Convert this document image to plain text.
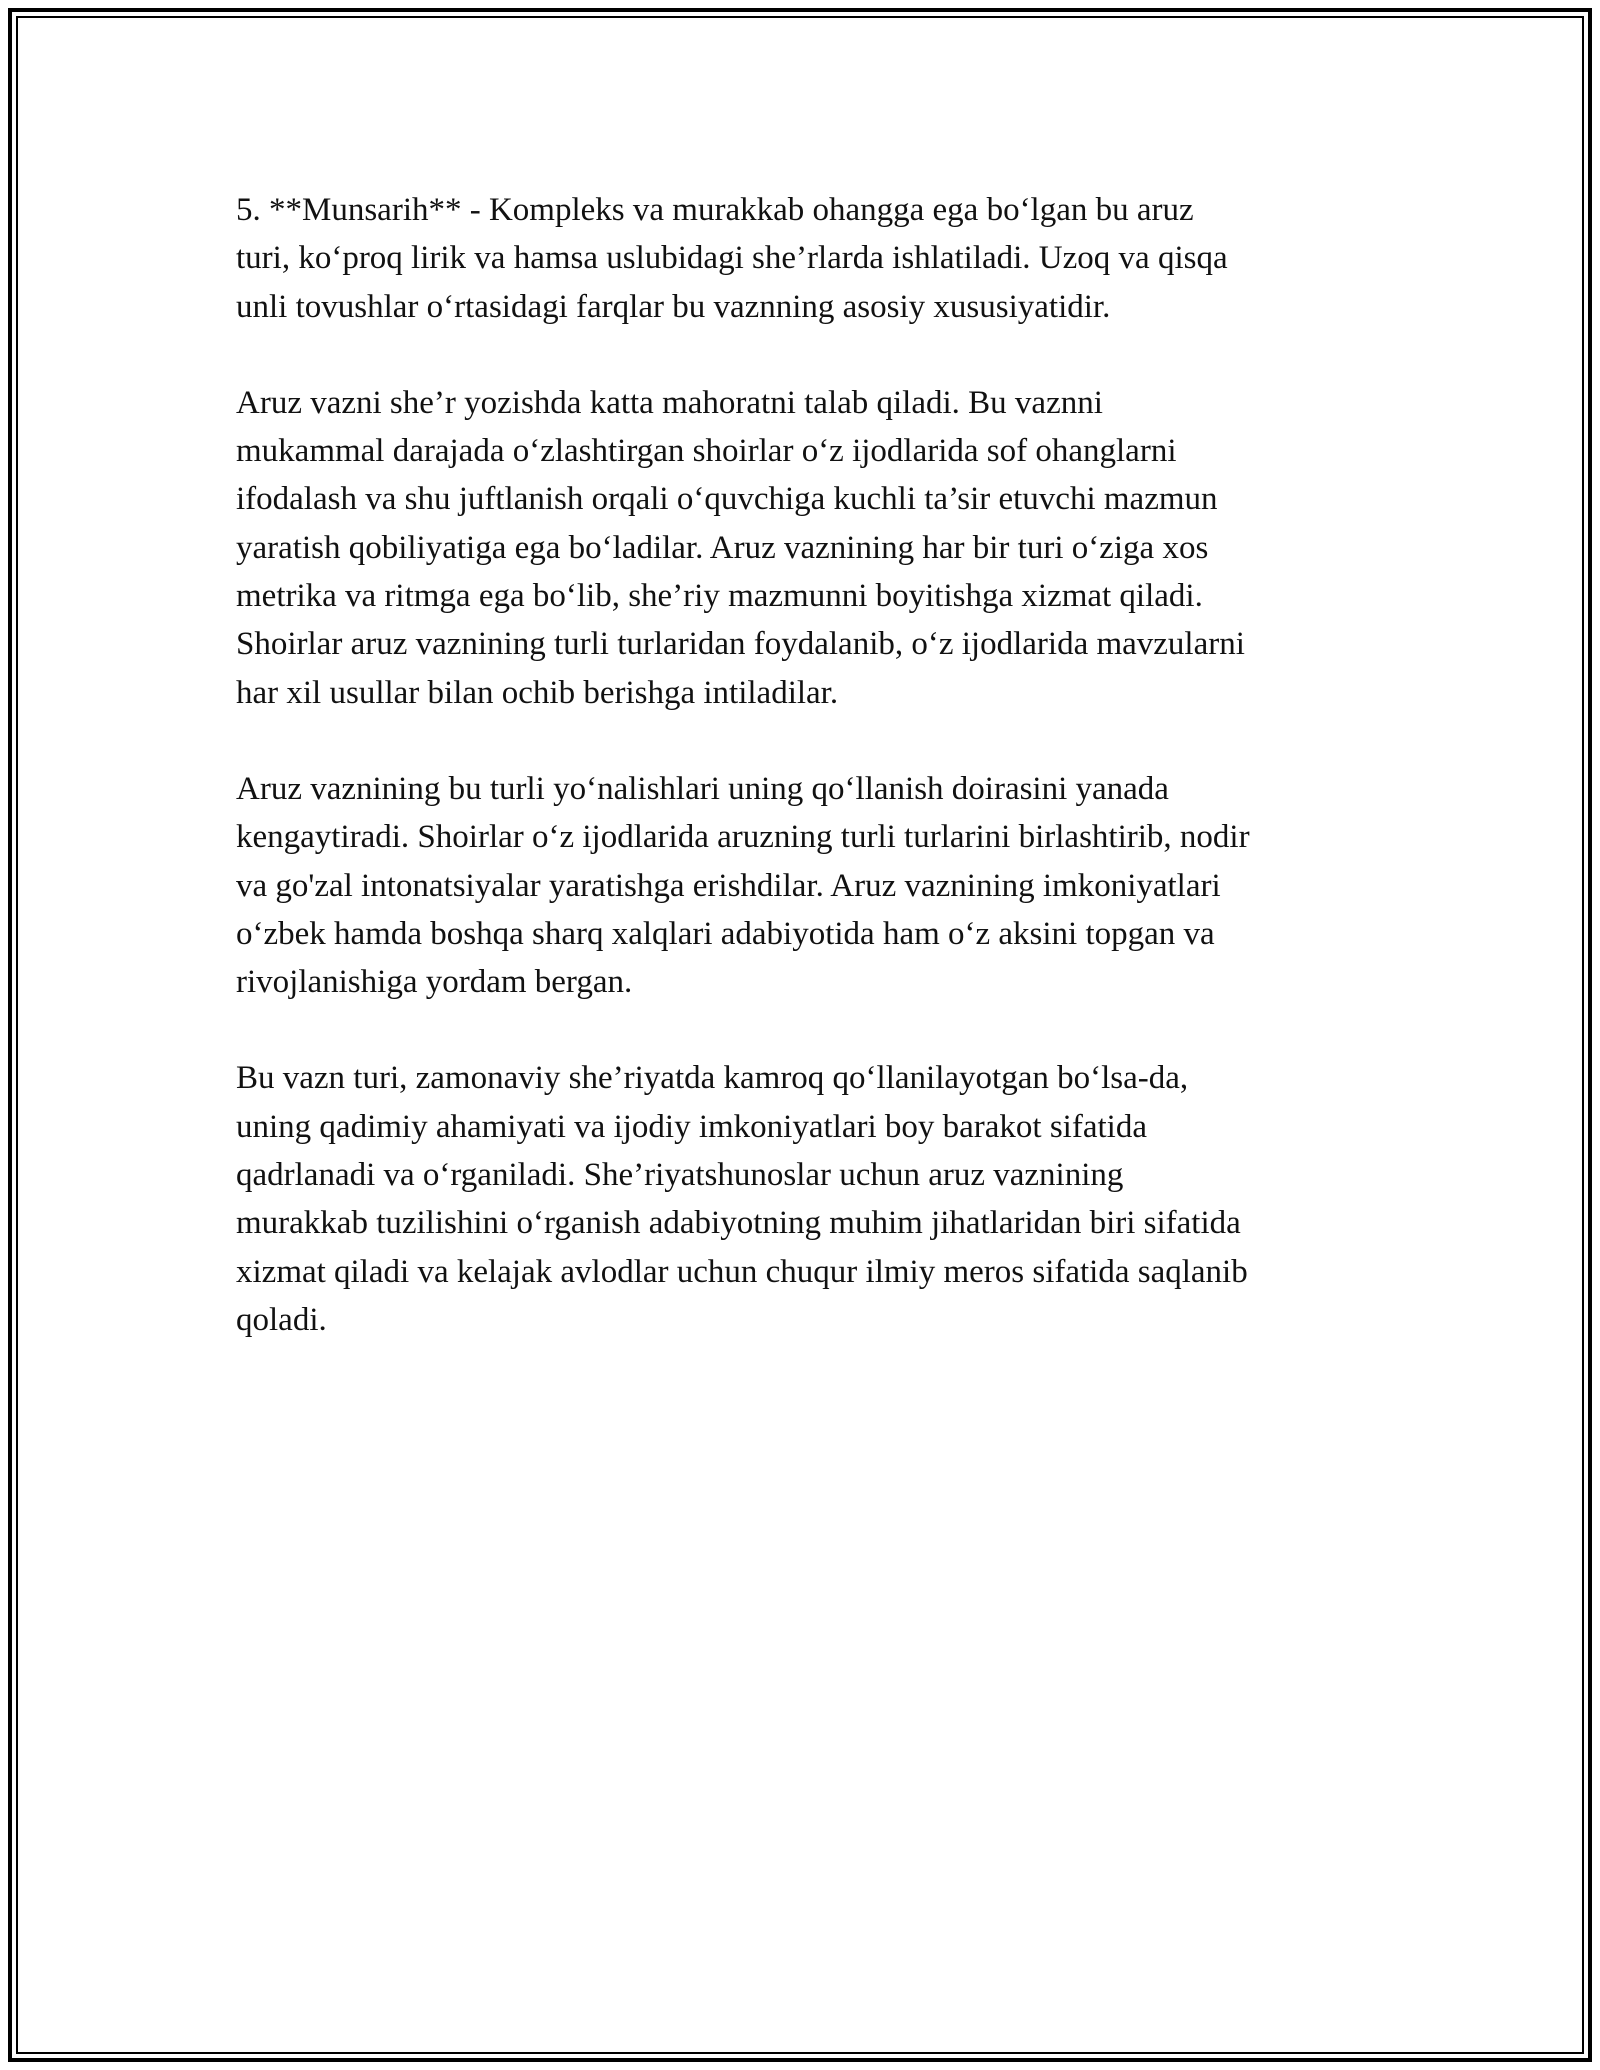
5. **Munsarih** - Kompleks va murakkab ohangga ega bo‘lgan bu aruz
turi, ko‘proq lirik va hamsa uslubidagi she’rlarda ishlatiladi. Uzoq va qisqa
unli tovushlar o‘rtasidagi farqlar bu vaznning asosiy xususiyatidir.

Aruz vazni she’r yozishda katta mahoratni talab qiladi. Bu vaznni
mukammal darajada o‘zlashtirgan shoirlar o‘z ijodlarida sof ohanglarni
ifodalash va shu juftlanish orqali o‘quvchiga kuchli ta’sir etuvchi mazmun
yaratish qobiliyatiga ega bo‘ladilar. Aruz vaznining har bir turi o‘ziga xos
metrika va ritmga ega bo‘lib, she’riy mazmunni boyitishga xizmat qiladi.
Shoirlar aruz vaznining turli turlaridan foydalanib, o‘z ijodlarida mavzularni
har xil usullar bilan ochib berishga intiladilar.

Aruz vaznining bu turli yo‘nalishlari uning qo‘llanish doirasini yanada
kengaytiradi. Shoirlar o‘z ijodlarida aruzning turli turlarini birlashtirib, nodir
va go'zal intonatsiyalar yaratishga erishdilar. Aruz vaznining imkoniyatlari
o‘zbek hamda boshqa sharq xalqlari adabiyotida ham o‘z aksini topgan va
rivojlanishiga yordam bergan.

Bu vazn turi, zamonaviy she’riyatda kamroq qo‘llanilayotgan bo‘lsa-da,
uning qadimiy ahamiyati va ijodiy imkoniyatlari boy barakot sifatida
qadrlanadi va o‘rganiladi. She’riyatshunoslar uchun aruz vaznining
murakkab tuzilishini o‘rganish adabiyotning muhim jihatlaridan biri sifatida
xizmat qiladi va kelajak avlodlar uchun chuqur ilmiy meros sifatida saqlanib
qoladi.
